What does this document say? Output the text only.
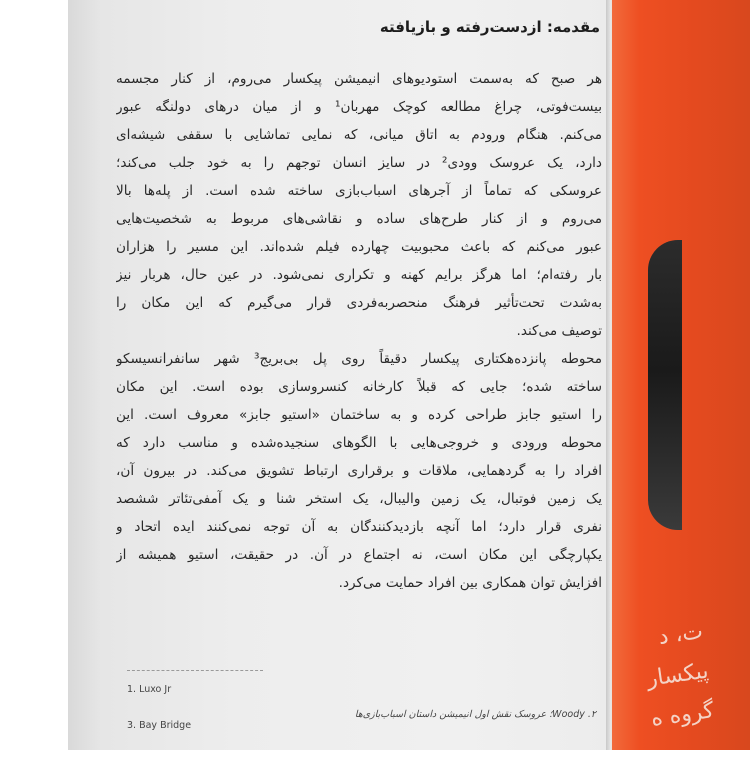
ت، د
پیکسار
گروه ه
مقدمه: ازدست‌رفته و بازیافته
هر صبح که به‌سمت استودیوهای انیمیشن پیکسار می‌روم، از کنار مجسمه
بیست‌فوتی، چراغ مطالعه کوچک مهربان¹ و از میان درهای دولنگه عبور
می‌کنم. هنگام ورودم به اتاق میانی، که نمایی تماشایی با سقفی شیشه‌ای
دارد، یک عروسک وودی² در سایز انسان توجهم را به خود جلب می‌کند؛
عروسکی که تماماً از آجرهای اسباب‌بازی ساخته شده است. از پله‌ها بالا
می‌روم و از کنار طرح‌های ساده و نقاشی‌های مربوط به شخصیت‌هایی
عبور می‌کنم که باعث محبوبیت چهارده فیلم شده‌اند. این مسیر را هزاران
بار رفته‌ام؛ اما هرگز برایم کهنه و تکراری نمی‌شود. در عین حال، هربار نیز
به‌شدت تحت‌تأثیر فرهنگ منحصربه‌فردی قرار می‌گیرم که این مکان را
توصیف می‌کند.
محوطه پانزده‌هکتاری پیکسار دقیقاً روی پل بی‌بریج³ شهر سانفرانسیسکو
ساخته شده؛ جایی که قبلاً کارخانه کنسروسازی بوده است. این مکان
را استیو جابز طراحی کرده و به ساختمان «استیو جابز» معروف است. این
محوطه ورودی و خروجی‌هایی با الگوهای سنجیده‌شده و مناسب دارد که
افراد را به گردهمایی، ملاقات و برقراری ارتباط تشویق می‌کند. در بیرون آن،
یک زمین فوتبال، یک زمین والیبال، یک استخر شنا و یک آمفی‌تئاتر ششصد
نفری قرار دارد؛ اما آنچه بازدیدکنندگان به آن توجه نمی‌کنند ایده اتحاد و
یکپارچگی این مکان است، نه اجتماع در آن. در حقیقت، استیو همیشه از
افزایش توان همکاری بین افراد حمایت می‌کرد.
1. Luxo Jr
۲. Woody؛ عروسک نقش اول انیمیشن داستان اسباب‌بازی‌ها
3. Bay Bridge
